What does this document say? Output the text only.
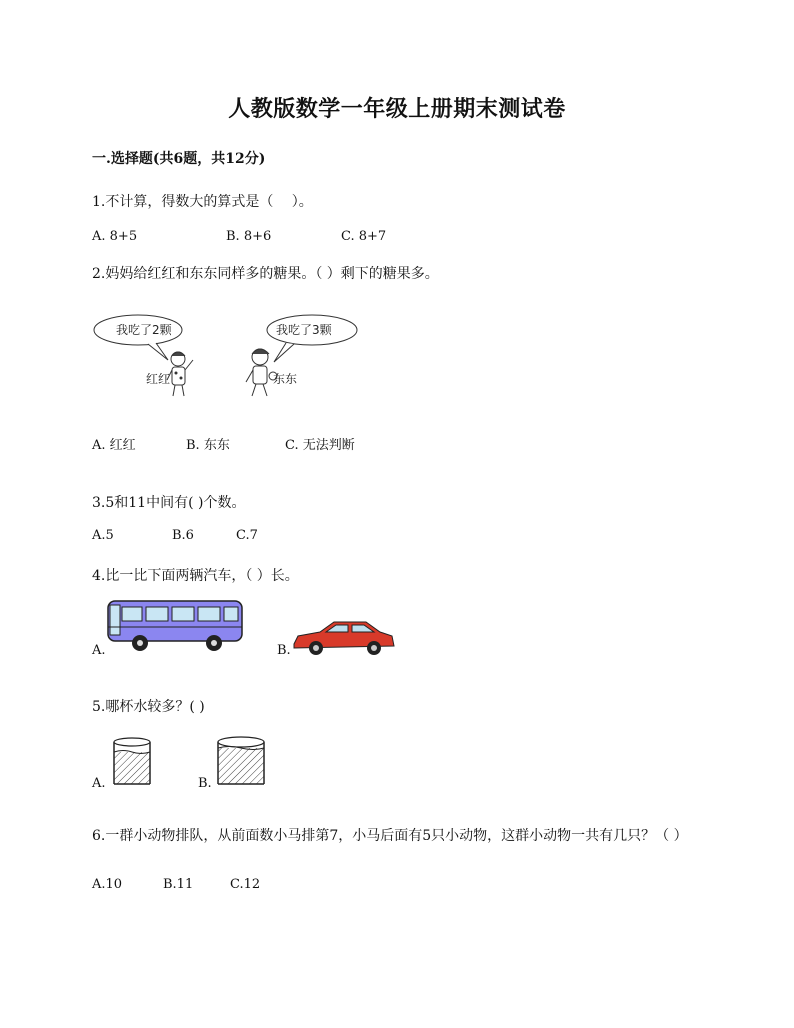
人教版数学一年级上册期末测试卷
一.选择题(共6题，共12分)
1.不计算，得数大的算式是（　 ）。
A. 8+5	B. 8+6	C. 8+7
2.妈妈给红红和东东同样多的糖果。（ ）剩下的糖果多。
我吃了2颗	我吃了3颗
红红	东东
A. 红红	B. 东东	C. 无法判断
3.5和11中间有( )个数。
A.5	B.6	C.7
4.比一比下面两辆汽车，（ ）长。
A.	B.
5.哪杯水较多？( )
A.	B.
6.一群小动物排队，从前面数小马排第7，小马后面有5只小动物，这群小动物一共有几只？（ ）
A.10	B.11	C.12
